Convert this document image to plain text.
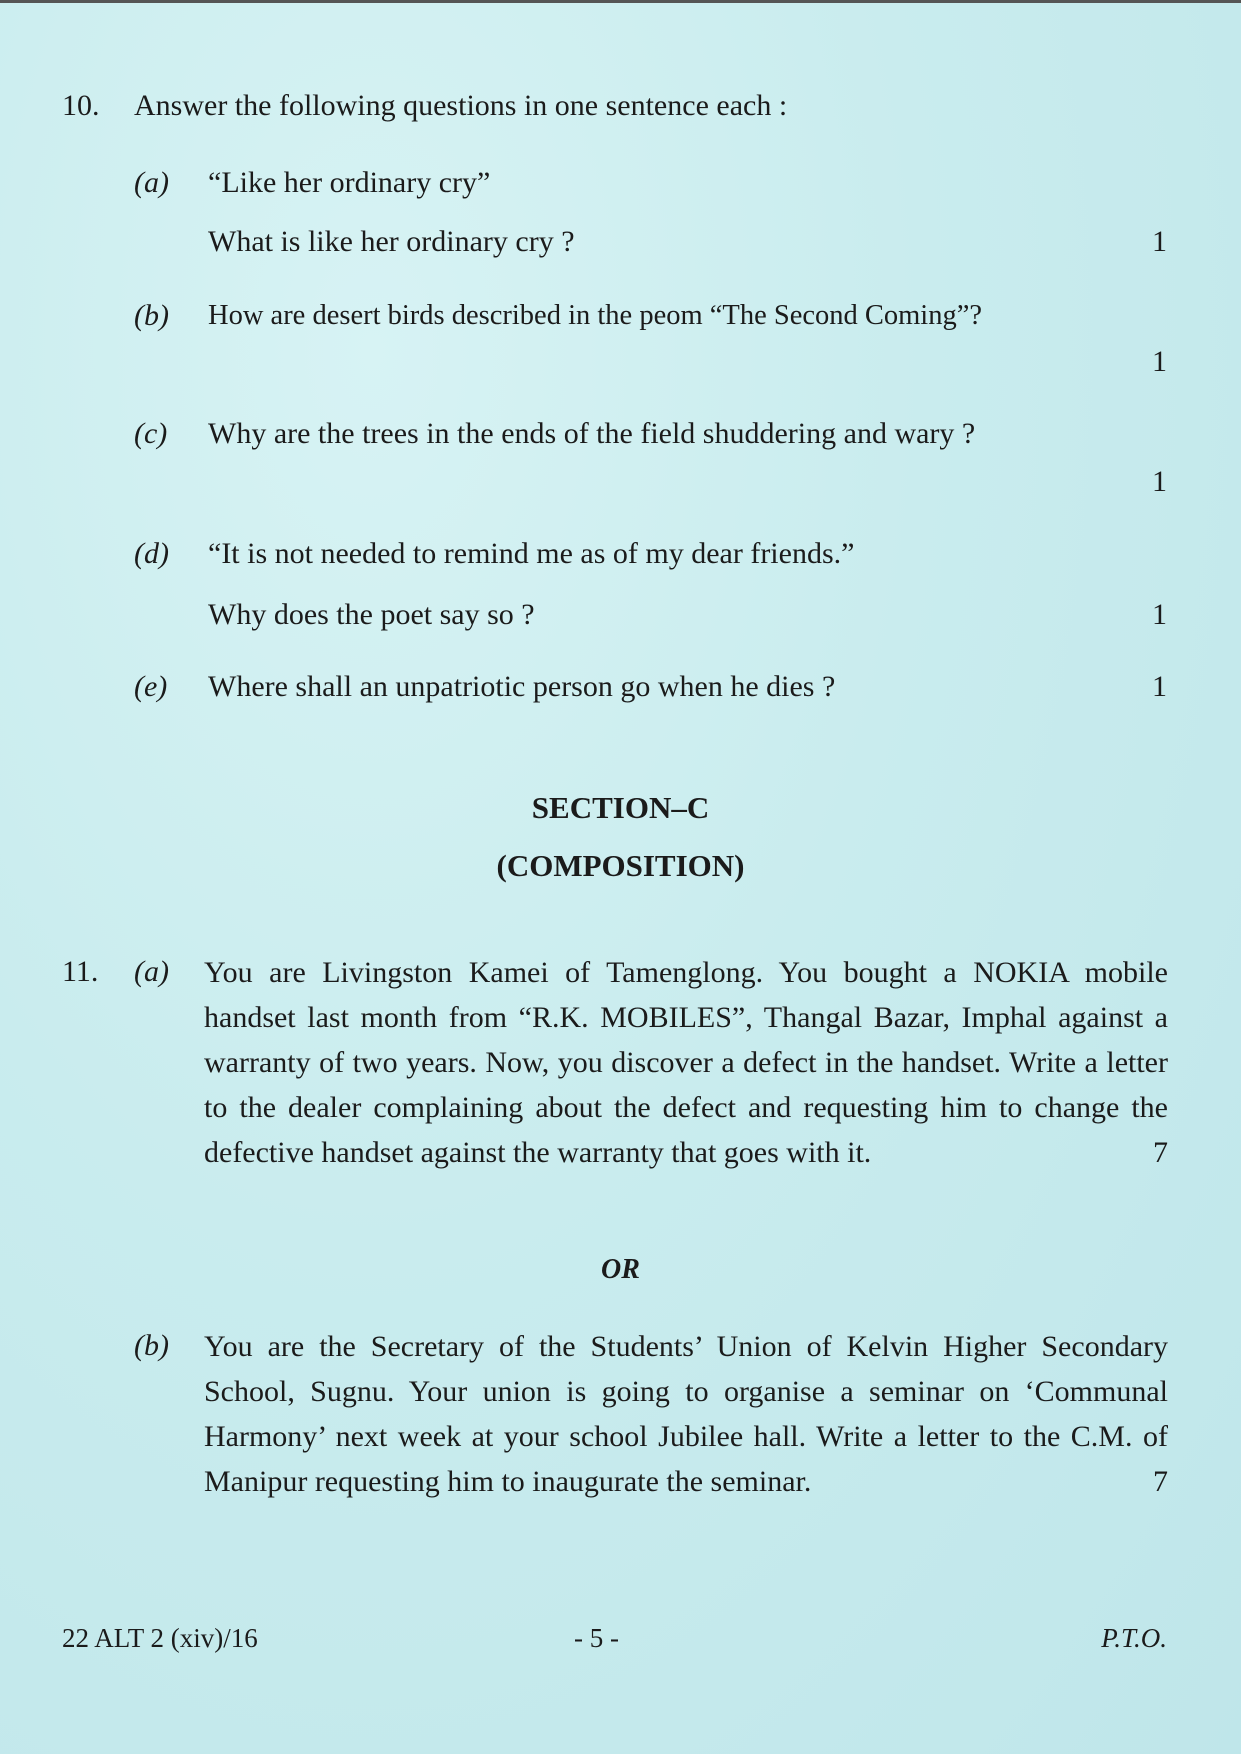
10. Answer the following questions in one sentence each :
(a) “Like her ordinary cry”
What is like her ordinary cry ?	1
(b) How are desert birds described in the peom “The Second Coming”?
1
(c) Why are the trees in the ends of the field shuddering and wary ?
1
(d) “It is not needed to remind me as of my dear friends.”
Why does the poet say so ?	1
(e) Where shall an unpatriotic person go when he dies ?	1
SECTION–C
(COMPOSITION)
11. (a) You are Livingston Kamei of Tamenglong. You bought a NOKIA mobile handset last month from “R.K. MOBILES”, Thangal Bazar, Imphal against a warranty of two years. Now, you discover a defect in the handset. Write a letter to the dealer complaining about the defect and requesting him to change the defective handset against the warranty that goes with it.	7
OR
(b) You are the Secretary of the Students’ Union of Kelvin Higher Secondary School, Sugnu. Your union is going to organise a seminar on ‘Communal Harmony’ next week at your school Jubilee hall. Write a letter to the C.M. of Manipur requesting him to inaugurate the seminar.	7
22 ALT 2 (xiv)/16	- 5 -	P.T.O.
